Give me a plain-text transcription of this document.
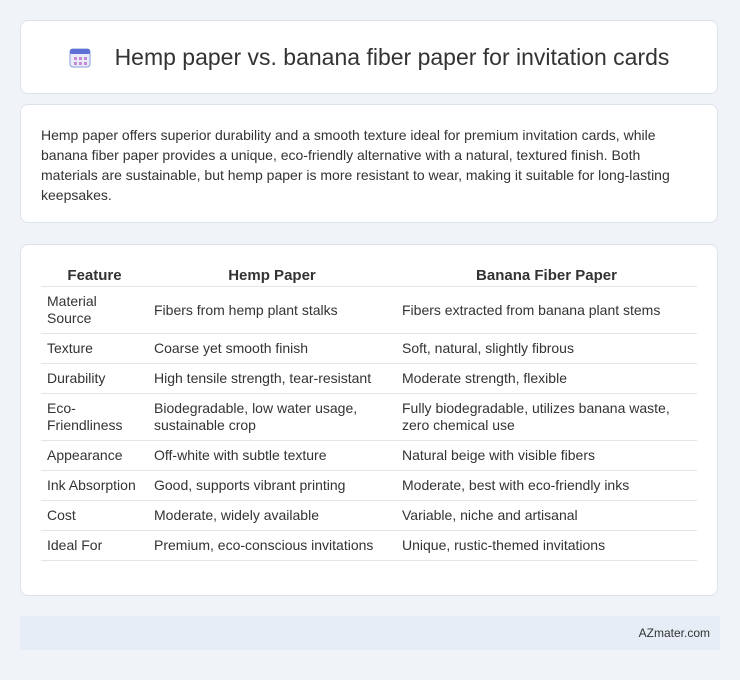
Hemp paper vs. banana fiber paper for invitation cards

Hemp paper offers superior durability and a smooth texture ideal for premium invitation cards, while banana fiber paper provides a unique, eco-friendly alternative with a natural, textured finish. Both materials are sustainable, but hemp paper is more resistant to wear, making it suitable for long-lasting keepsakes.

Feature	Hemp Paper	Banana Fiber Paper
Material Source	Fibers from hemp plant stalks	Fibers extracted from banana plant stems
Texture	Coarse yet smooth finish	Soft, natural, slightly fibrous
Durability	High tensile strength, tear-resistant	Moderate strength, flexible
Eco-Friendliness	Biodegradable, low water usage, sustainable crop	Fully biodegradable, utilizes banana waste, zero chemical use
Appearance	Off-white with subtle texture	Natural beige with visible fibers
Ink Absorption	Good, supports vibrant printing	Moderate, best with eco-friendly inks
Cost	Moderate, widely available	Variable, niche and artisanal
Ideal For	Premium, eco-conscious invitations	Unique, rustic-themed invitations
AZmater.com
